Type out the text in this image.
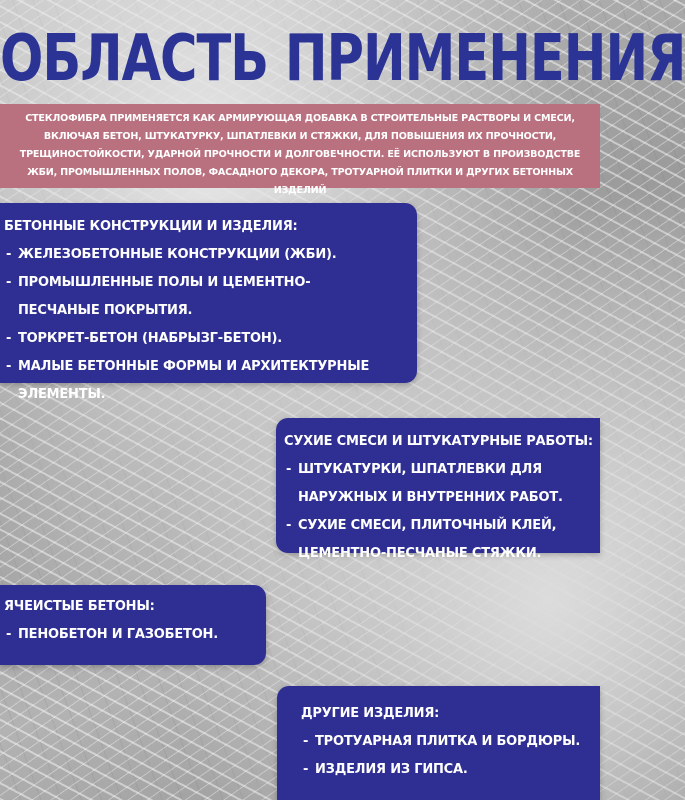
ОБЛАСТЬ ПРИМЕНЕНИЯ
СТЕКЛОФИБРА ПРИМЕНЯЕТСЯ КАК АРМИРУЮЩАЯ ДОБАВКА В СТРОИТЕЛЬНЫЕ РАСТВОРЫ И СМЕСИ, ВКЛЮЧАЯ БЕТОН, ШТУКАТУРКУ, ШПАТЛЕВКИ И СТЯЖКИ, ДЛЯ ПОВЫШЕНИЯ ИХ ПРОЧНОСТИ, ТРЕЩИНОСТОЙКОСТИ, УДАРНОЙ ПРОЧНОСТИ И ДОЛГОВЕЧНОСТИ. ЕЁ ИСПОЛЬЗУЮТ В ПРОИЗВОДСТВЕ ЖБИ, ПРОМЫШЛЕННЫХ ПОЛОВ, ФАСАДНОГО ДЕКОРА, ТРОТУАРНОЙ ПЛИТКИ И ДРУГИХ БЕТОННЫХ ИЗДЕЛИЙ
БЕТОННЫЕ КОНСТРУКЦИИ И ИЗДЕЛИЯ:
- ЖЕЛЕЗОБЕТОННЫЕ КОНСТРУКЦИИ (ЖБИ).
- ПРОМЫШЛЕННЫЕ ПОЛЫ И ЦЕМЕНТНО-ПЕСЧАНЫЕ ПОКРЫТИЯ.
- ТОРКРЕТ-БЕТОН (НАБРЫЗГ-БЕТОН).
- МАЛЫЕ БЕТОННЫЕ ФОРМЫ И АРХИТЕКТУРНЫЕ ЭЛЕМЕНТЫ.
СУХИЕ СМЕСИ И ШТУКАТУРНЫЕ РАБОТЫ:
- ШТУКАТУРКИ, ШПАТЛЕВКИ ДЛЯ НАРУЖНЫХ И ВНУТРЕННИХ РАБОТ.
- СУХИЕ СМЕСИ, ПЛИТОЧНЫЙ КЛЕЙ, ЦЕМЕНТНО-ПЕСЧАНЫЕ СТЯЖКИ.
ЯЧЕИСТЫЕ БЕТОНЫ:
- ПЕНОБЕТОН И ГАЗОБЕТОН.
ДРУГИЕ ИЗДЕЛИЯ:
- ТРОТУАРНАЯ ПЛИТКА И БОРДЮРЫ.
- ИЗДЕЛИЯ ИЗ ГИПСА.
